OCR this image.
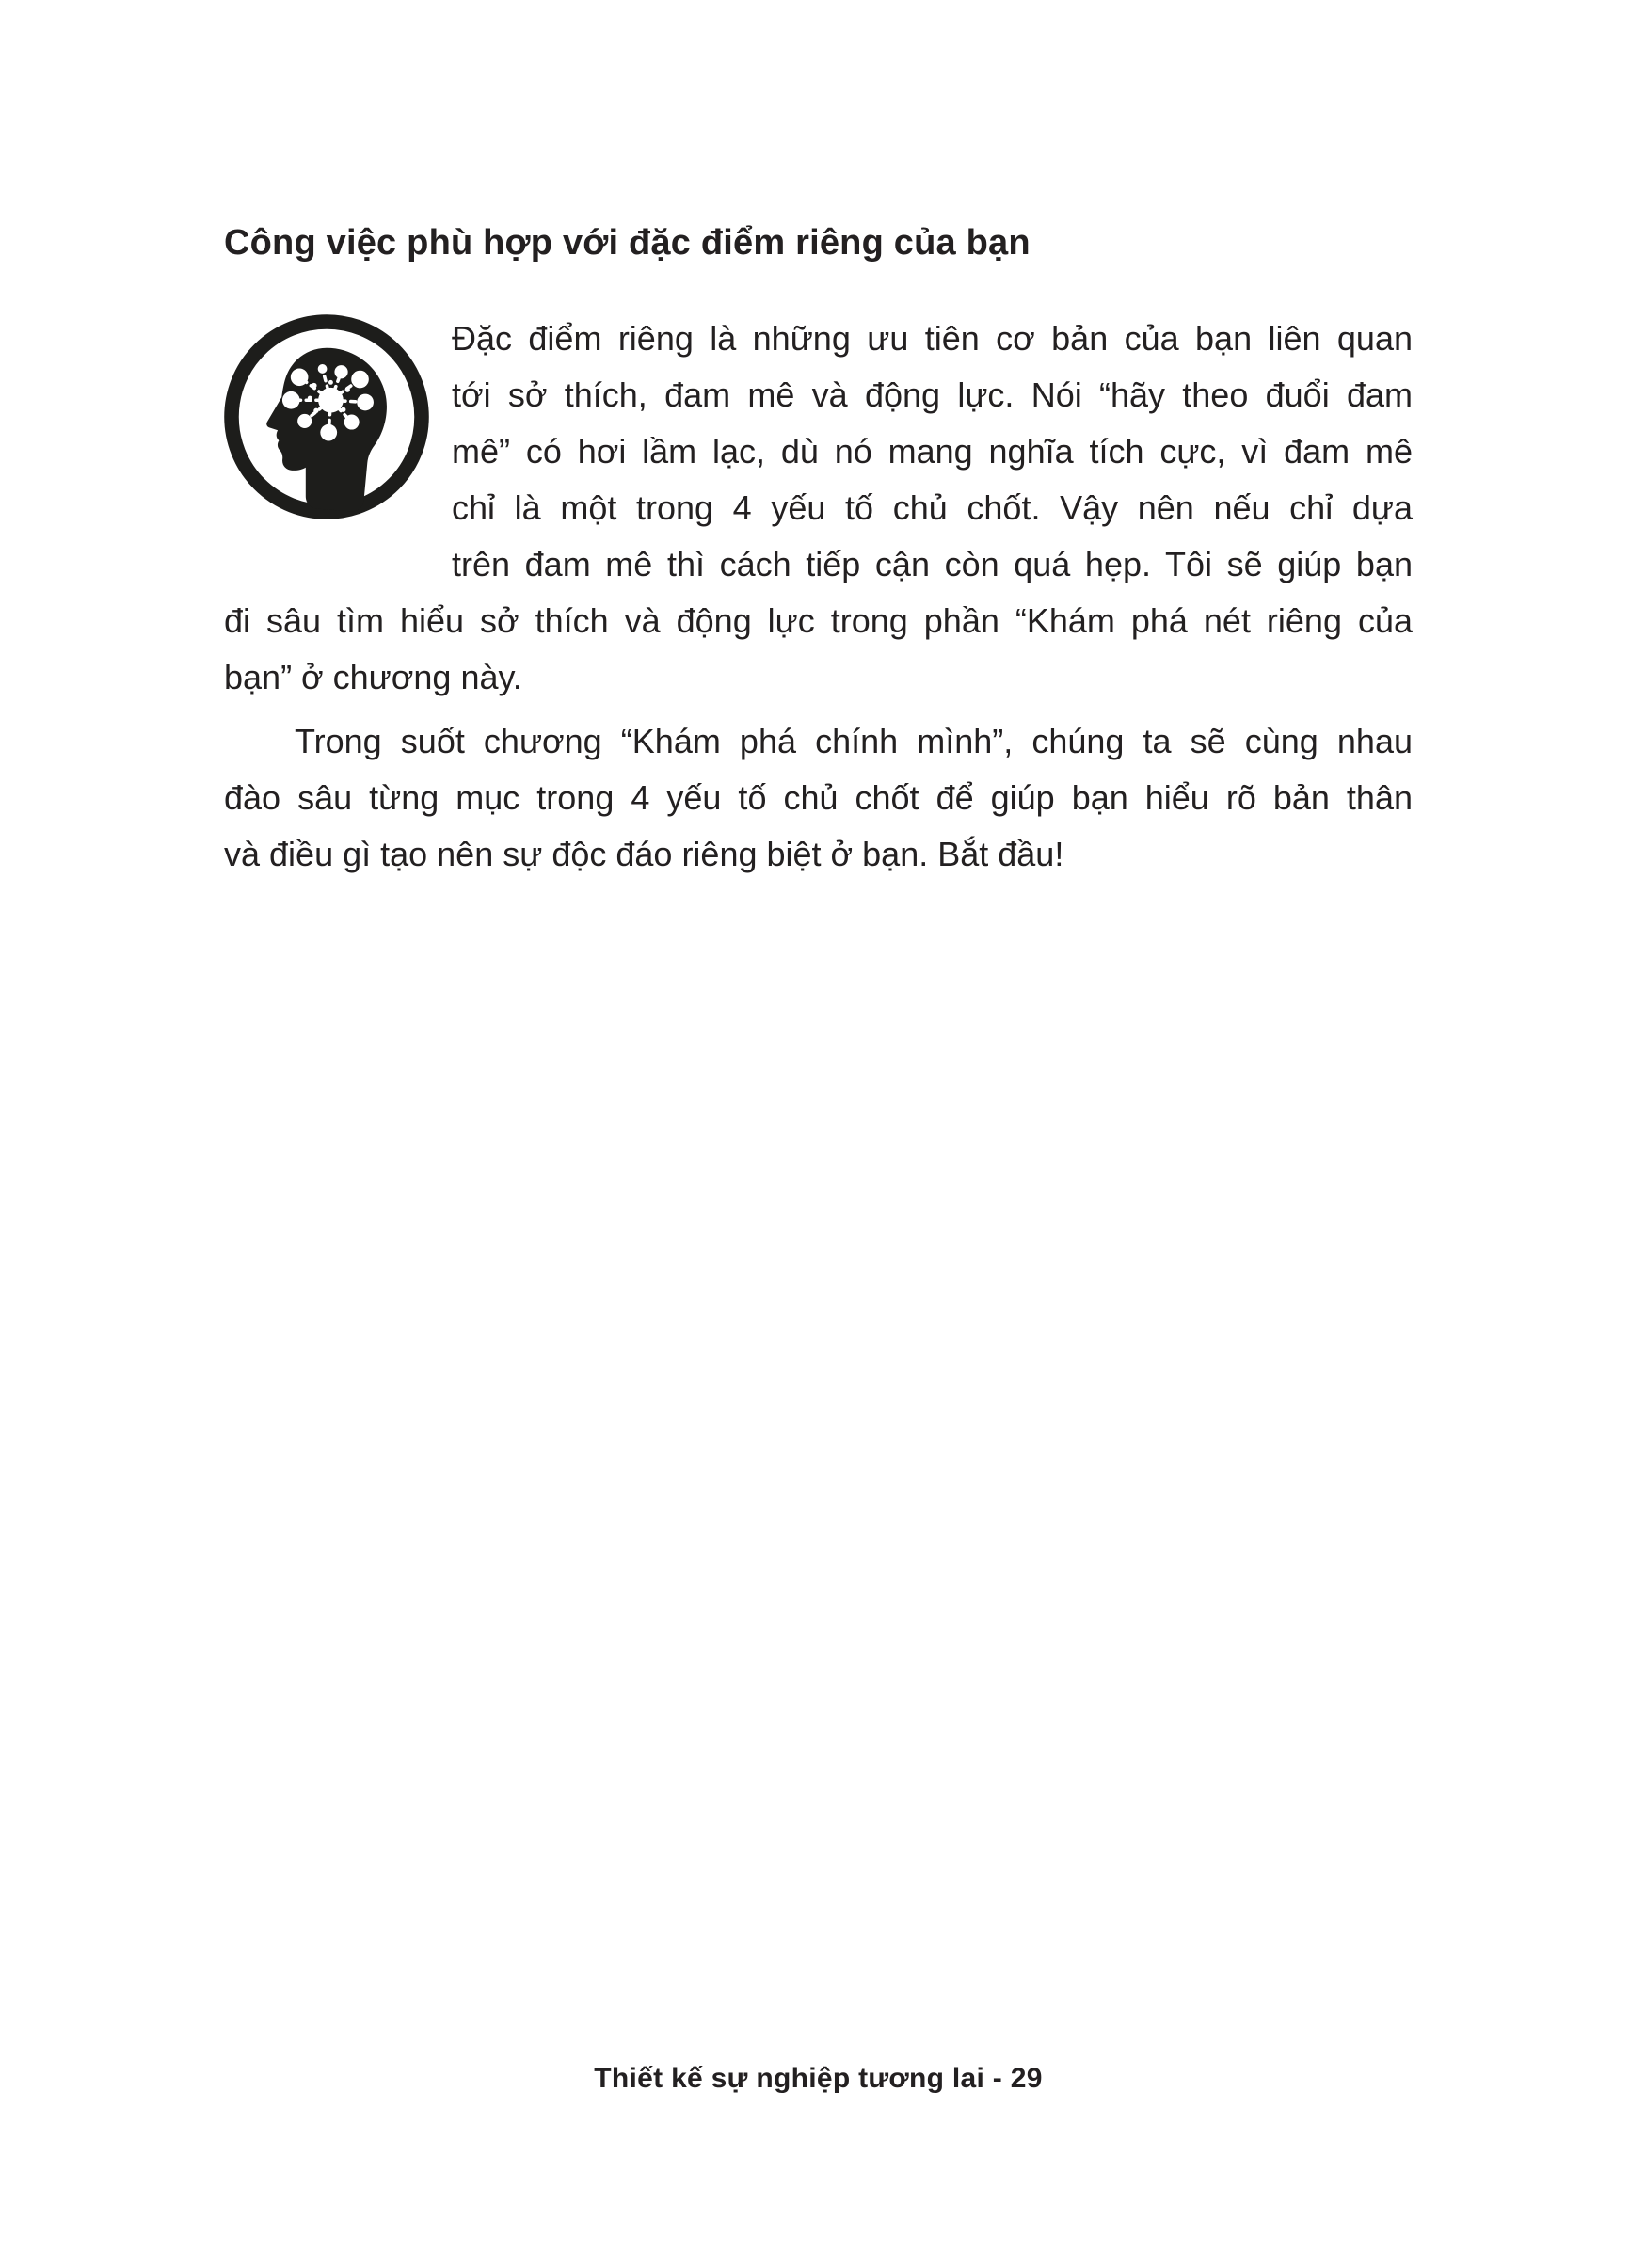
Công việc phù hợp với đặc điểm riêng của bạn
Đặc điểm riêng là những ưu tiên cơ bản của bạn liên quan
tới sở thích, đam mê và động lực. Nói “hãy theo đuổi đam
mê” có hơi lầm lạc, dù nó mang nghĩa tích cực, vì đam mê
chỉ là một trong 4 yếu tố chủ chốt. Vậy nên nếu chỉ dựa
trên đam mê thì cách tiếp cận còn quá hẹp. Tôi sẽ giúp bạn
đi sâu tìm hiểu sở thích và động lực trong phần “Khám phá nét riêng của
bạn” ở chương này.
Trong suốt chương “Khám phá chính mình”, chúng ta sẽ cùng nhau
đào sâu từng mục trong 4 yếu tố chủ chốt để giúp bạn hiểu rõ bản thân
và điều gì tạo nên sự độc đáo riêng biệt ở bạn. Bắt đầu!
Thiết kế sự nghiệp tương lai - 29
